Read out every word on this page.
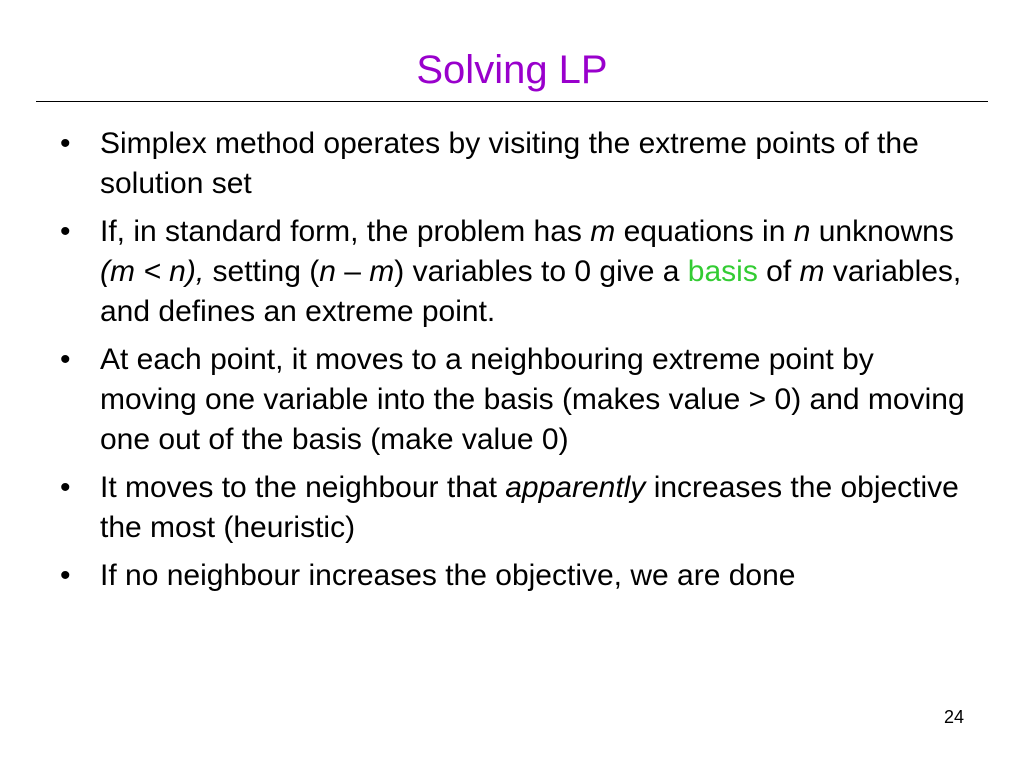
Solving LP
• Simplex method operates by visiting the extreme points of the solution set
• If, in standard form, the problem has m equations in n unknowns (m < n), setting (n – m) variables to 0 give a basis of m variables, and defines an extreme point.
• At each point, it moves to a neighbouring extreme point by moving one variable into the basis (makes value > 0) and moving one out of the basis (make value 0)
• It moves to the neighbour that apparently increases the objective the most (heuristic)
• If no neighbour increases the objective, we are done
24
